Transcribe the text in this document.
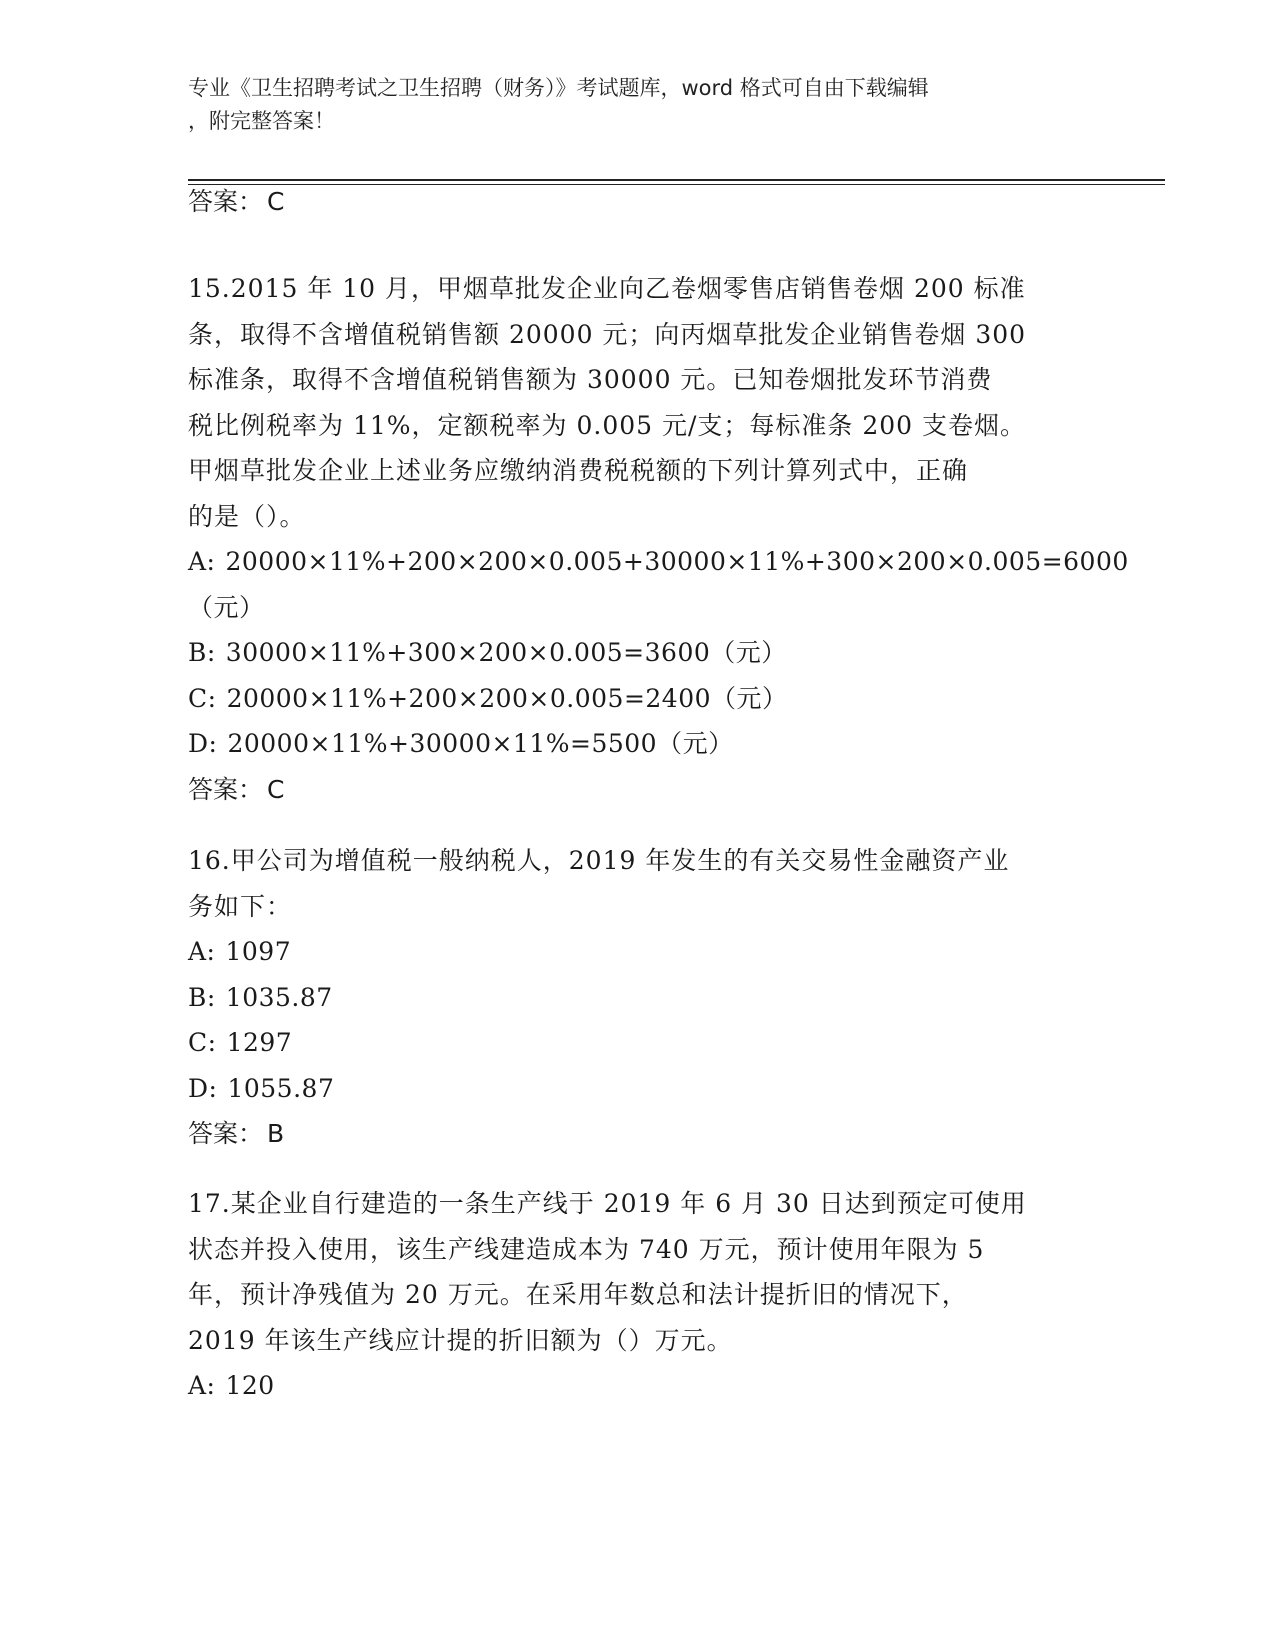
专业《卫生招聘考试之卫生招聘（财务）》考试题库，word 格式可自由下载编辑
，附完整答案！
答案： C
15.2015 年 10 月，甲烟草批发企业向乙卷烟零售店销售卷烟 200 标准
条，取得不含增值税销售额 20000 元；向丙烟草批发企业销售卷烟 300
标准条，取得不含增值税销售额为 30000 元。已知卷烟批发环节消费
税比例税率为 11%，定额税率为 0.005 元/支；每标准条 200 支卷烟。
甲烟草批发企业上述业务应缴纳消费税税额的下列计算列式中，正确
的是（）。
A: 20000×11%+200×200×0.005+30000×11%+300×200×0.005=6000
（元）
B: 30000×11%+300×200×0.005=3600（元）
C: 20000×11%+200×200×0.005=2400（元）
D: 20000×11%+30000×11%=5500（元）
答案： C
16.甲公司为增值税一般纳税人，2019 年发生的有关交易性金融资产业
务如下：
A: 1097
B: 1035.87
C: 1297
D: 1055.87
答案： B
17.某企业自行建造的一条生产线于 2019 年 6 月 30 日达到预定可使用
状态并投入使用，该生产线建造成本为 740 万元，预计使用年限为 5
年，预计净残值为 20 万元。在采用年数总和法计提折旧的情况下，
2019 年该生产线应计提的折旧额为（）万元。
A: 120
